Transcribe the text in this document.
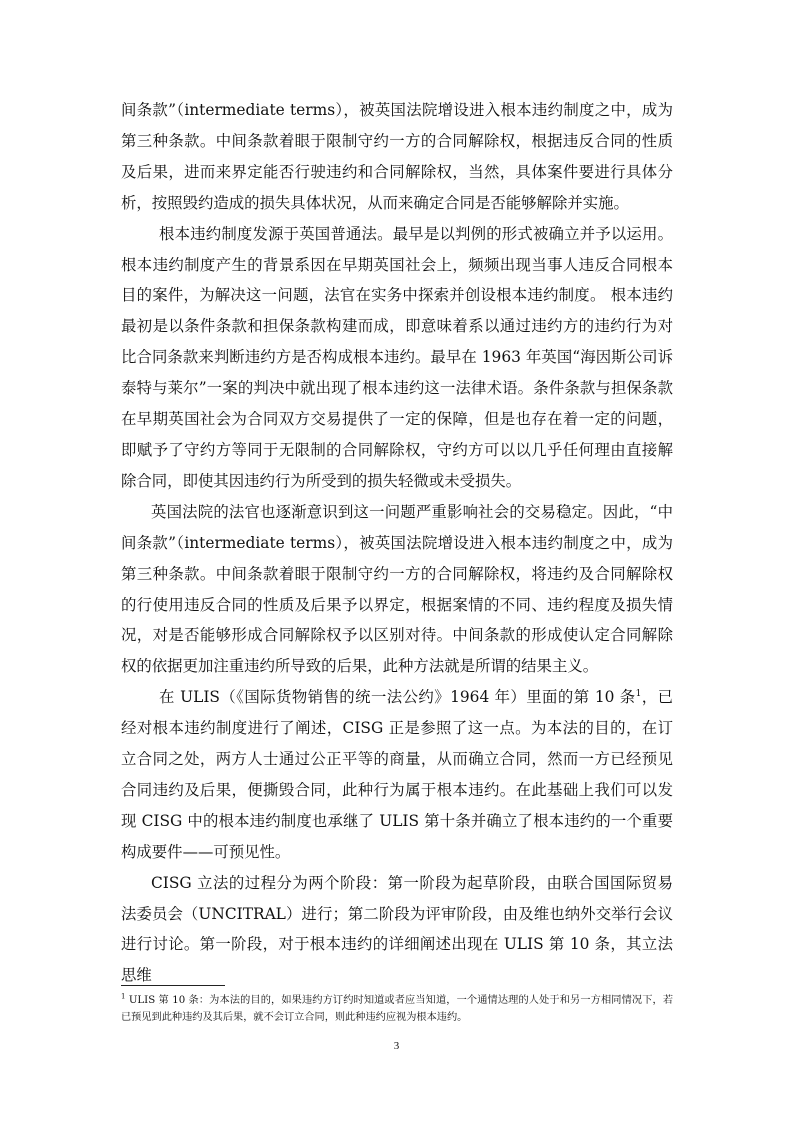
间条款”（intermediate terms），被英国法院增设进入根本违约制度之中，成为第三种条款。中间条款着眼于限制守约一方的合同解除权，根据违反合同的性质及后果，进而来界定能否行驶违约和合同解除权，当然，具体案件要进行具体分析，按照毁约造成的损失具体状况，从而来确定合同是否能够解除并实施。

根本违约制度发源于英国普通法。最早是以判例的形式被确立并予以运用。根本违约制度产生的背景系因在早期英国社会上，频频出现当事人违反合同根本目的案件，为解决这一问题，法官在实务中探索并创设根本违约制度。 根本违约最初是以条件条款和担保条款构建而成，即意味着系以通过违约方的违约行为对比合同条款来判断违约方是否构成根本违约。最早在 1963 年英国“海因斯公司诉泰特与莱尔”一案的判决中就出现了根本违约这一法律术语。条件条款与担保条款在早期英国社会为合同双方交易提供了一定的保障，但是也存在着一定的问题，即赋予了守约方等同于无限制的合同解除权，守约方可以以几乎任何理由直接解除合同，即使其因违约行为所受到的损失轻微或未受损失。

英国法院的法官也逐渐意识到这一问题严重影响社会的交易稳定。因此，“中间条款”（intermediate terms），被英国法院增设进入根本违约制度之中，成为第三种条款。中间条款着眼于限制守约一方的合同解除权，将违约及合同解除权的行使用违反合同的性质及后果予以界定，根据案情的不同、违约程度及损失情况，对是否能够形成合同解除权予以区别对待。中间条款的形成使认定合同解除权的依据更加注重违约所导致的后果，此种方法就是所谓的结果主义。

在 ULIS（《国际货物销售的统一法公约》1964 年）里面的第 10 条$^1$，已经对根本违约制度进行了阐述，CISG 正是参照了这一点。为本法的目的，在订立合同之处，两方人士通过公正平等的商量，从而确立合同，然而一方已经预见合同违约及后果，便撕毁合同，此种行为属于根本违约。在此基础上我们可以发现 CISG 中的根本违约制度也承继了 ULIS 第十条并确立了根本违约的一个重要构成要件——可预见性。

CISG 立法的过程分为两个阶段：第一阶段为起草阶段，由联合国国际贸易法委员会（UNCITRAL）进行；第二阶段为评审阶段，由及维也纳外交举行会议进行讨论。第一阶段，对于根本违约的详细阐述出现在 ULIS 第 10 条，其立法思维

$^1$ ULIS 第 10 条：为本法的目的，如果违约方订约时知道或者应当知道，一个通情达理的人处于和另一方相同情况下，若已预见到此种违约及其后果，就不会订立合同，则此种违约应视为根本违约。

3
